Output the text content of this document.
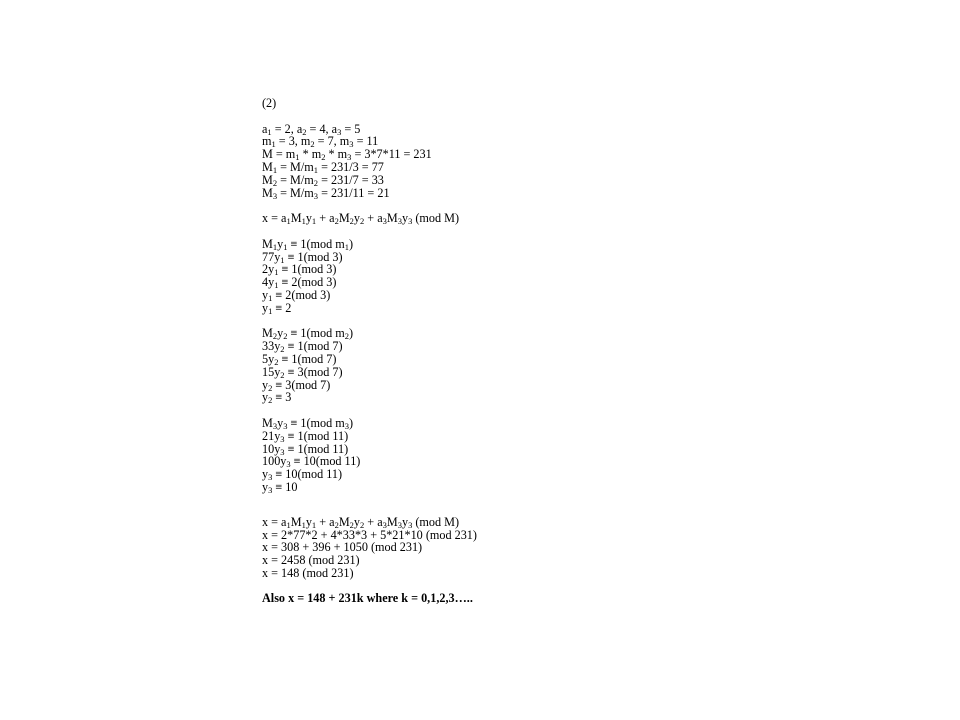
(2)
$a_1 = 2$, $a_2 = 4$, $a_3 = 5$
$m_1 = 3$, $m_2 = 7$, $m_3 = 11$
$M = m_1 * m_2 * m_3 = 3*7*11 = 231$
$M_1 = M/m_1 = 231/3 = 77$
$M_2 = M/m_2 = 231/7 = 33$
$M_3 = M/m_3 = 231/11 = 21$
$x = a_1M_1y_1 + a_2M_2y_2 + a_3M_3y_3$ (mod M)
$M_1y_1 \equiv 1(mod$ $m_1$)
$77y_1 \equiv 1(mod$ 3)
$2y_1 \equiv 1(mod$ 3)
$4y_1 \equiv 2(mod$ 3)
$y_1 \equiv 2(mod$ 3)
$y_1 \equiv 2$
$M_2y_2 \equiv 1(mod$ $m_2$)
$33y_2 \equiv 1(mod$ 7)
$5y_2 \equiv 1(mod$ 7)
$15y_2 \equiv 3(mod$ 7)
$y_2 \equiv 3(mod$ 7)
$y_2 \equiv 3$
$M_3y_3 \equiv 1(mod$ $m_3$)
$21y_3 \equiv 1(mod$ 11)
$10y_3 \equiv 1(mod$ 11)
$100y_3 \equiv 10(mod$ 11)
$y_3 \equiv 10(mod$ 11)
$y_3 \equiv 10$
$x = a_1M_1y_1 + a_2M_2y_2 + a_3M_3y_3$ (mod M)
x = 2*77*2 + 4*33*3 + 5*21*10 (mod 231)
x = 308 + 396 + 1050 (mod 231)
x = 2458 (mod 231)
x = 148 (mod 231)
Also x = 148 + 231k where k = 0,1,2,3…..
